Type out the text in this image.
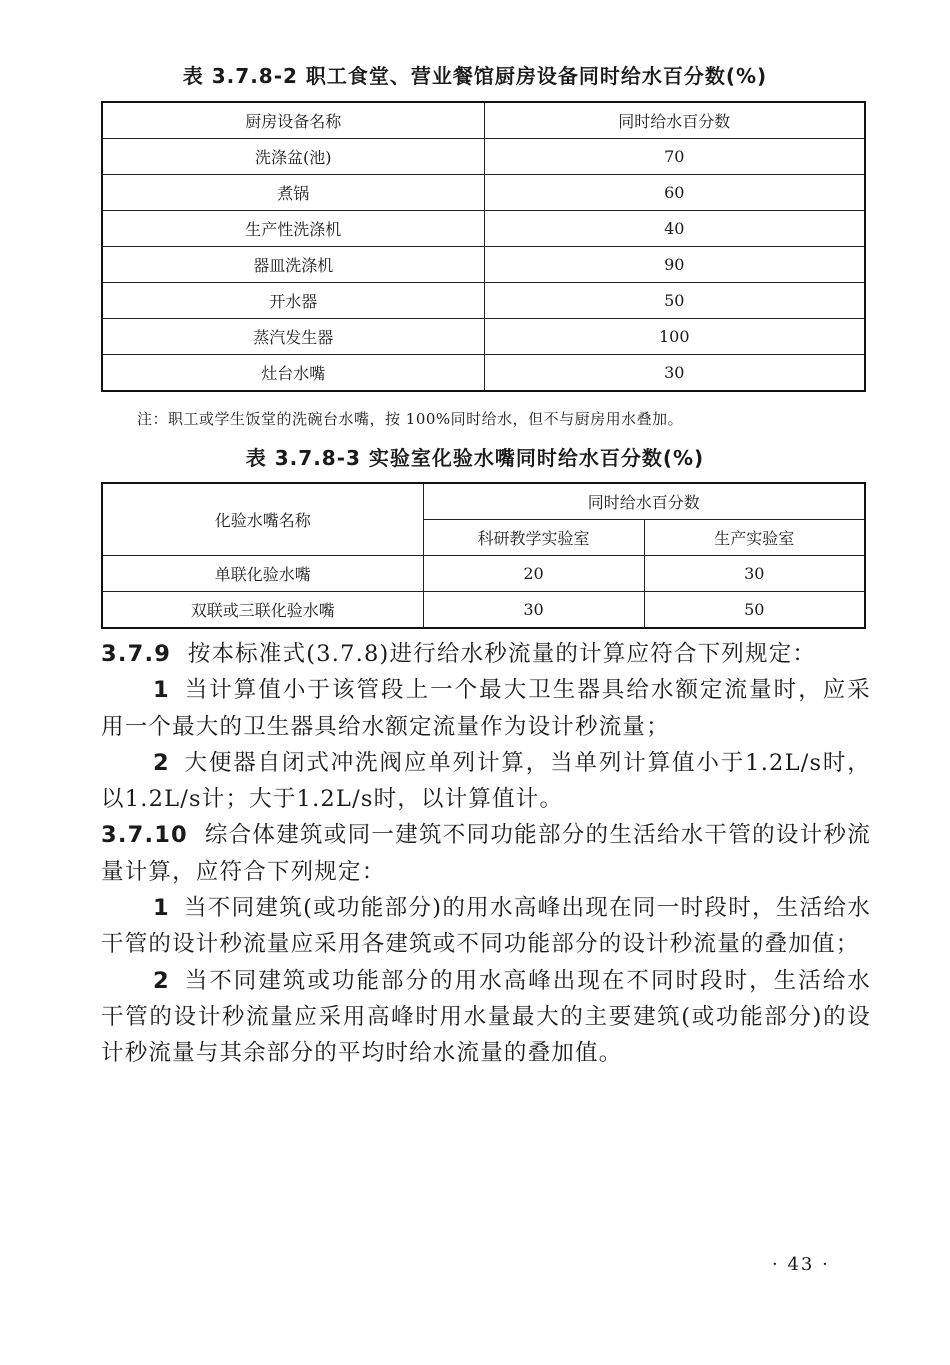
表 3.7.8-2 职工食堂、营业餐馆厨房设备同时给水百分数(%)
厨房设备名称	同时给水百分数
洗涤盆(池)	70
煮锅	60
生产性洗涤机	40
器皿洗涤机	90
开水器	50
蒸汽发生器	100
灶台水嘴	30
注：职工或学生饭堂的洗碗台水嘴，按 100%同时给水，但不与厨房用水叠加。
表 3.7.8-3 实验室化验水嘴同时给水百分数(%)
化验水嘴名称	同时给水百分数	
	科研教学实验室	生产实验室
单联化验水嘴	20	30
双联或三联化验水嘴	30	50

3.7.9 按本标准式(3.7.8)进行给水秒流量的计算应符合下列规定：

1 当计算值小于该管段上一个最大卫生器具给水额定流量时，应采用一个最大的卫生器具给水额定流量作为设计秒流量；

2 大便器自闭式冲洗阀应单列计算，当单列计算值小于1.2L/s时，以1.2L/s计；大于1.2L/s时，以计算值计。

3.7.10 综合体建筑或同一建筑不同功能部分的生活给水干管的设计秒流量计算，应符合下列规定：

1 当不同建筑(或功能部分)的用水高峰出现在同一时段时，生活给水干管的设计秒流量应采用各建筑或不同功能部分的设计秒流量的叠加值；

2 当不同建筑或功能部分的用水高峰出现在不同时段时，生活给水干管的设计秒流量应采用高峰时用水量最大的主要建筑(或功能部分)的设计秒流量与其余部分的平均时给水流量的叠加值。

· 43 ·
